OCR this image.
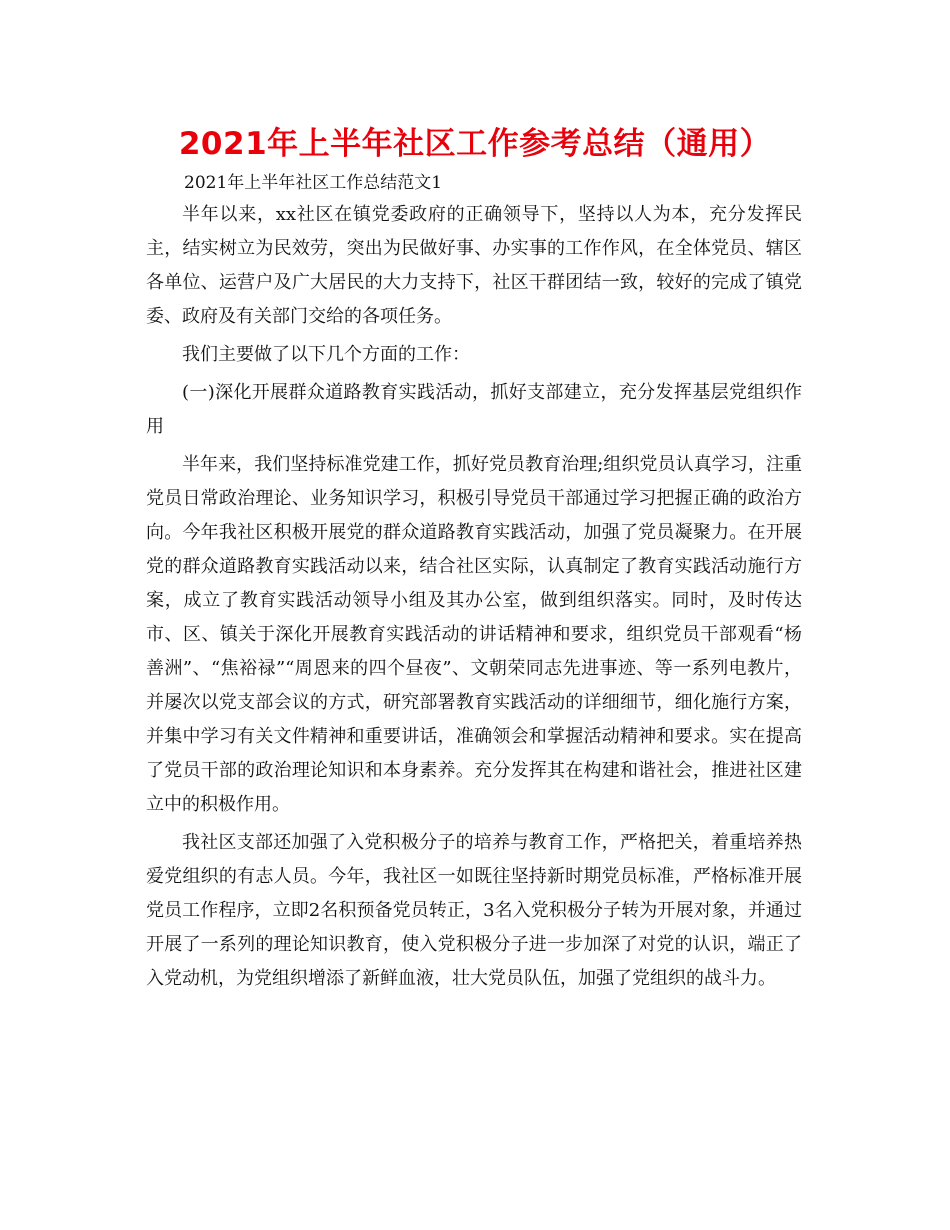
2021年上半年社区工作参考总结（通用）
2021年上半年社区工作总结范文1

半年以来，xx社区在镇党委政府的正确领导下，坚持以人为本，充分发挥民主，结实树立为民效劳，突出为民做好事、办实事的工作作风，在全体党员、辖区各单位、运营户及广大居民的大力支持下，社区干群团结一致，较好的完成了镇党委、政府及有关部门交给的各项任务。

我们主要做了以下几个方面的工作：

(一)深化开展群众道路教育实践活动，抓好支部建立，充分发挥基层党组织作用

半年来，我们坚持标准党建工作，抓好党员教育治理;组织党员认真学习，注重党员日常政治理论、业务知识学习，积极引导党员干部通过学习把握正确的政治方向。今年我社区积极开展党的群众道路教育实践活动，加强了党员凝聚力。在开展党的群众道路教育实践活动以来，结合社区实际，认真制定了教育实践活动施行方案，成立了教育实践活动领导小组及其办公室，做到组织落实。同时，及时传达市、区、镇关于深化开展教育实践活动的讲话精神和要求，组织党员干部观看“杨善洲”、“焦裕禄”“周恩来的四个昼夜”、文朝荣同志先进事迹、等一系列电教片，并屡次以党支部会议的方式，研究部署教育实践活动的详细细节，细化施行方案，并集中学习有关文件精神和重要讲话，准确领会和掌握活动精神和要求。实在提高了党员干部的政治理论知识和本身素养。充分发挥其在构建和谐社会，推进社区建立中的积极作用。

我社区支部还加强了入党积极分子的培养与教育工作，严格把关，着重培养热爱党组织的有志人员。今年，我社区一如既往坚持新时期党员标准，严格标准开展党员工作程序，立即2名积预备党员转正，3名入党积极分子转为开展对象，并通过开展了一系列的理论知识教育，使入党积极分子进一步加深了对党的认识，端正了入党动机，为党组织增添了新鲜血液，壮大党员队伍，加强了党组织的战斗力。
